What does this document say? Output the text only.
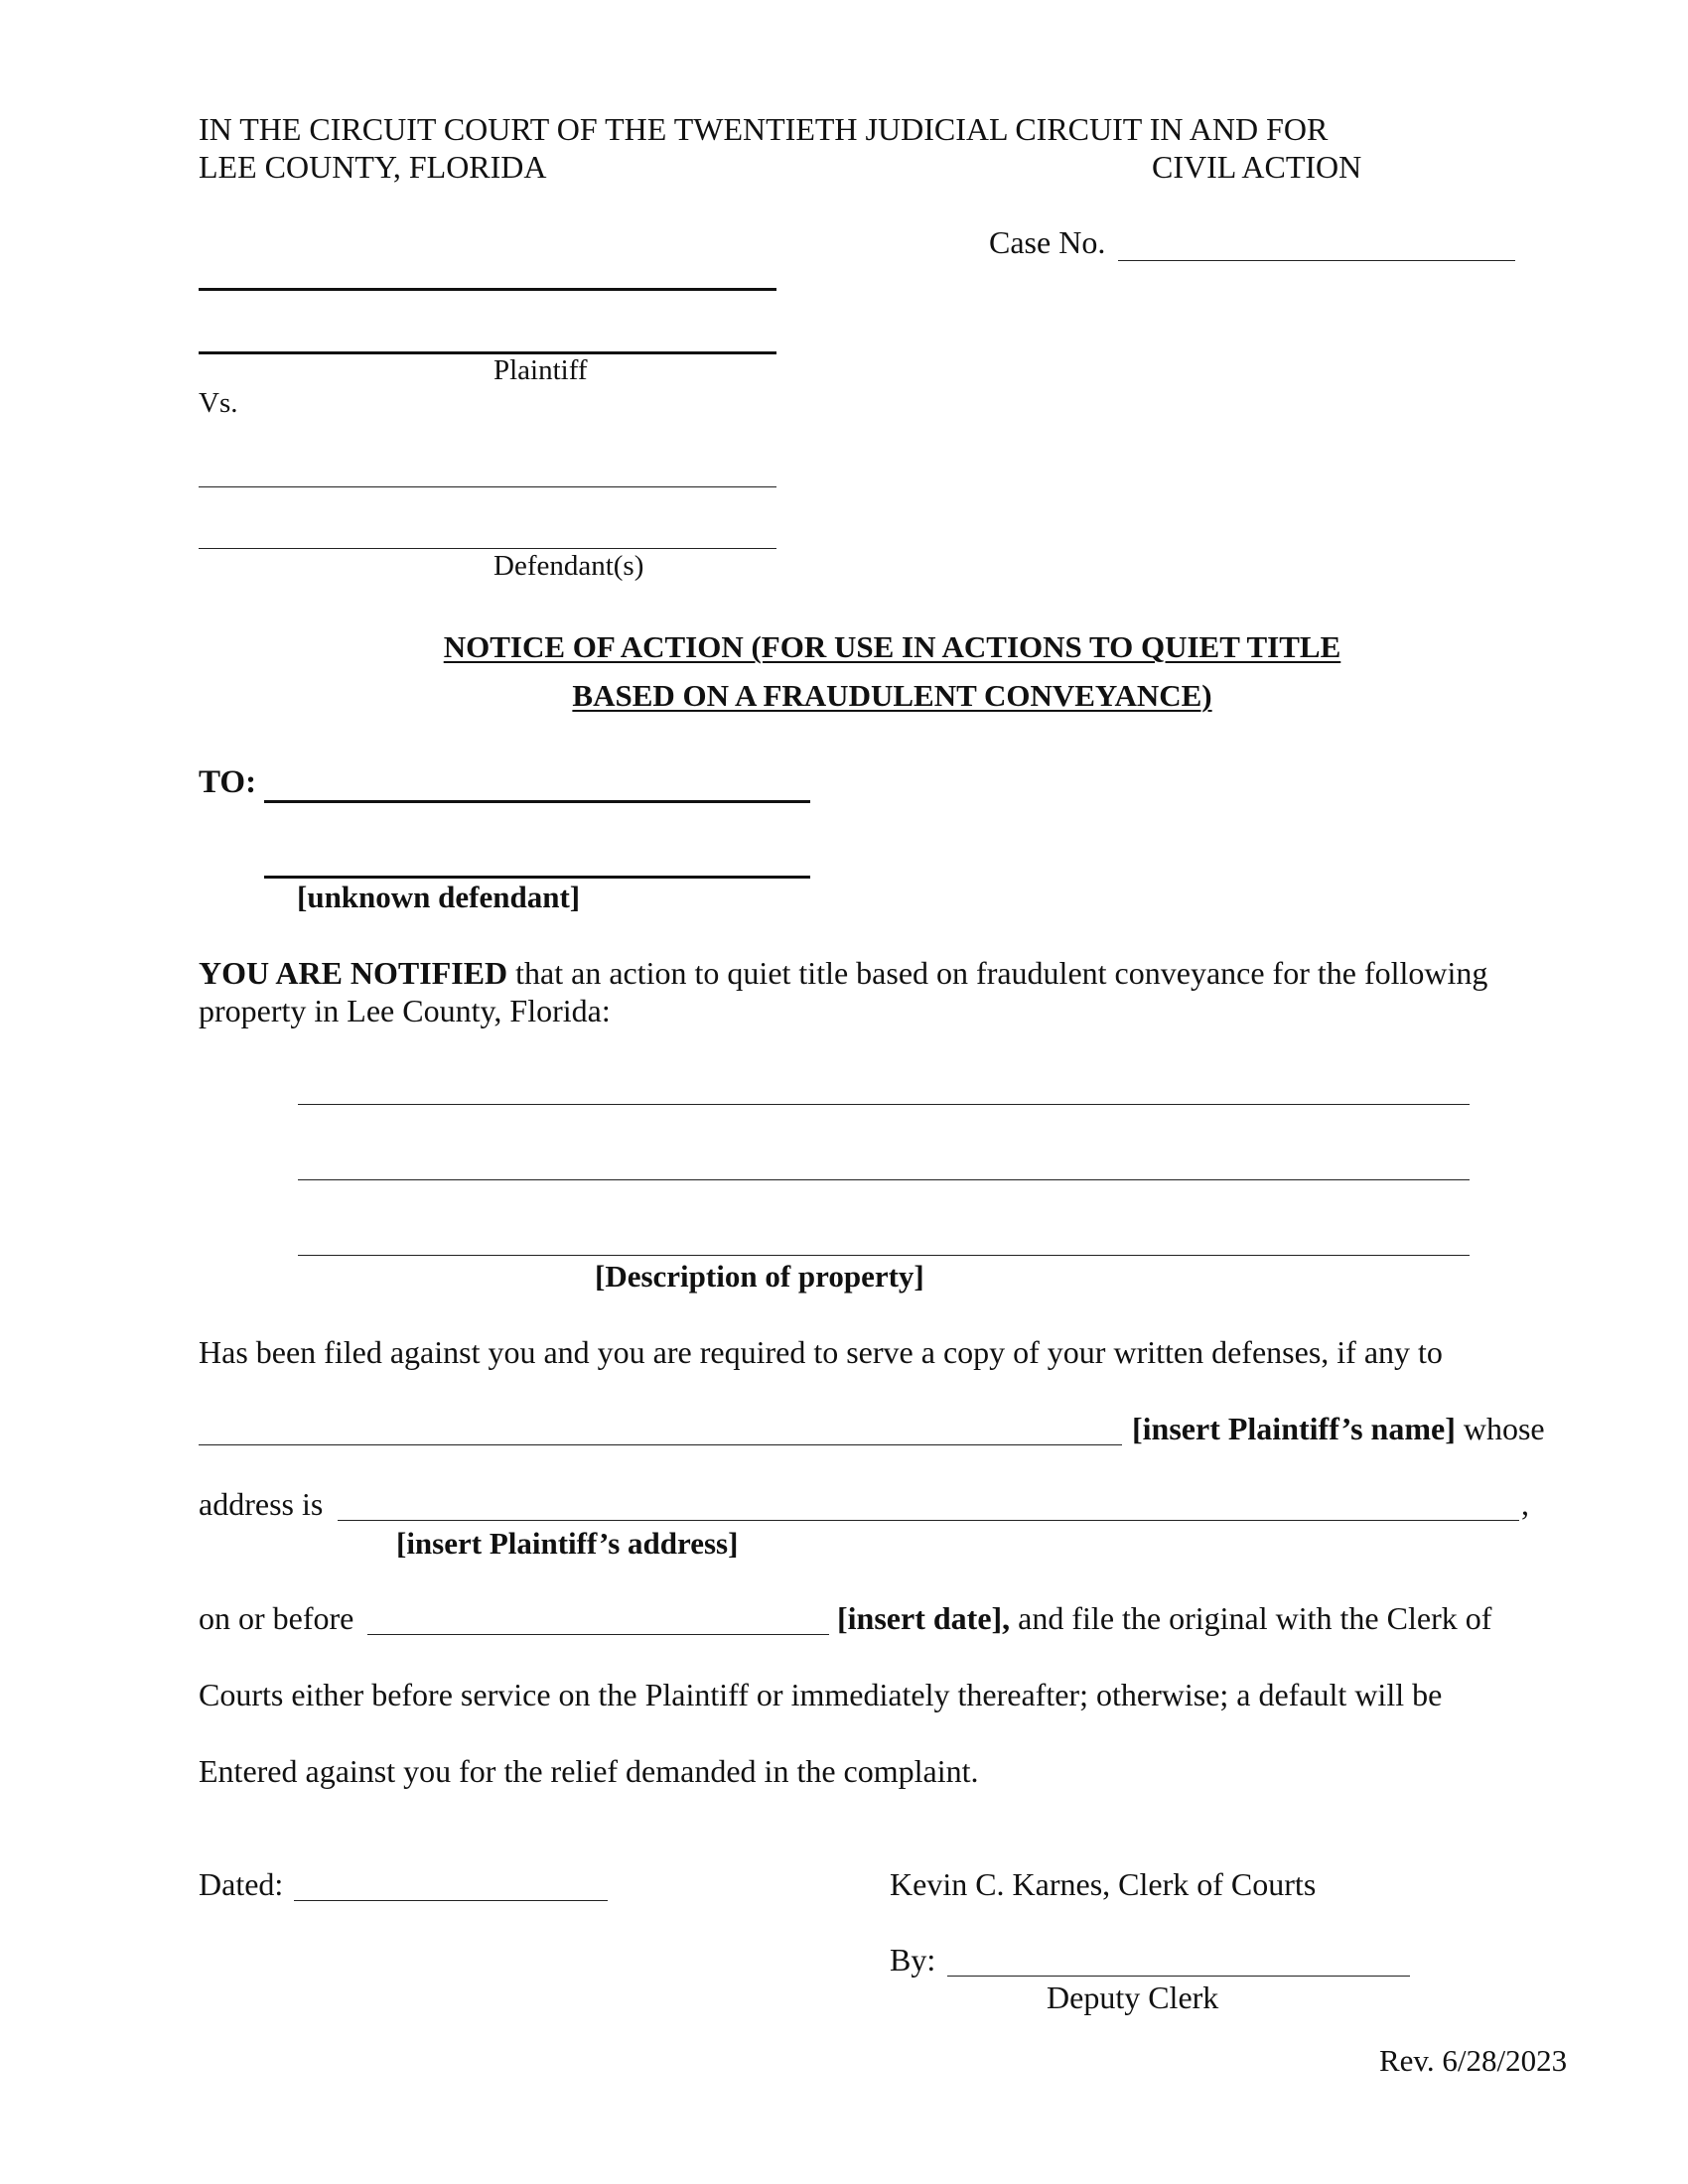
IN THE CIRCUIT COURT OF THE TWENTIETH JUDICIAL CIRCUIT IN AND FOR

LEE COUNTY, FLORIDA	CIVIL ACTION

Case No.

Plaintiff

Vs.

Defendant(s)

NOTICE OF ACTION (FOR USE IN ACTIONS TO QUIET TITLE

BASED ON A FRAUDULENT CONVEYANCE)

TO:

[unknown defendant]

YOU ARE NOTIFIED that an action to quiet title based on fraudulent conveyance for the following

property in Lee County, Florida:

[Description of property]

Has been filed against you and you are required to serve a copy of your written defenses, if any to

[insert Plaintiff’s name] whose

address is	,

[insert Plaintiff’s address]

on or before	[insert date], and file the original with the Clerk of

Courts either before service on the Plaintiff or immediately thereafter; otherwise; a default will be

Entered against you for the relief demanded in the complaint.

Dated:	Kevin C. Karnes, Clerk of Courts

By:

Deputy Clerk

Rev. 6/28/2023
